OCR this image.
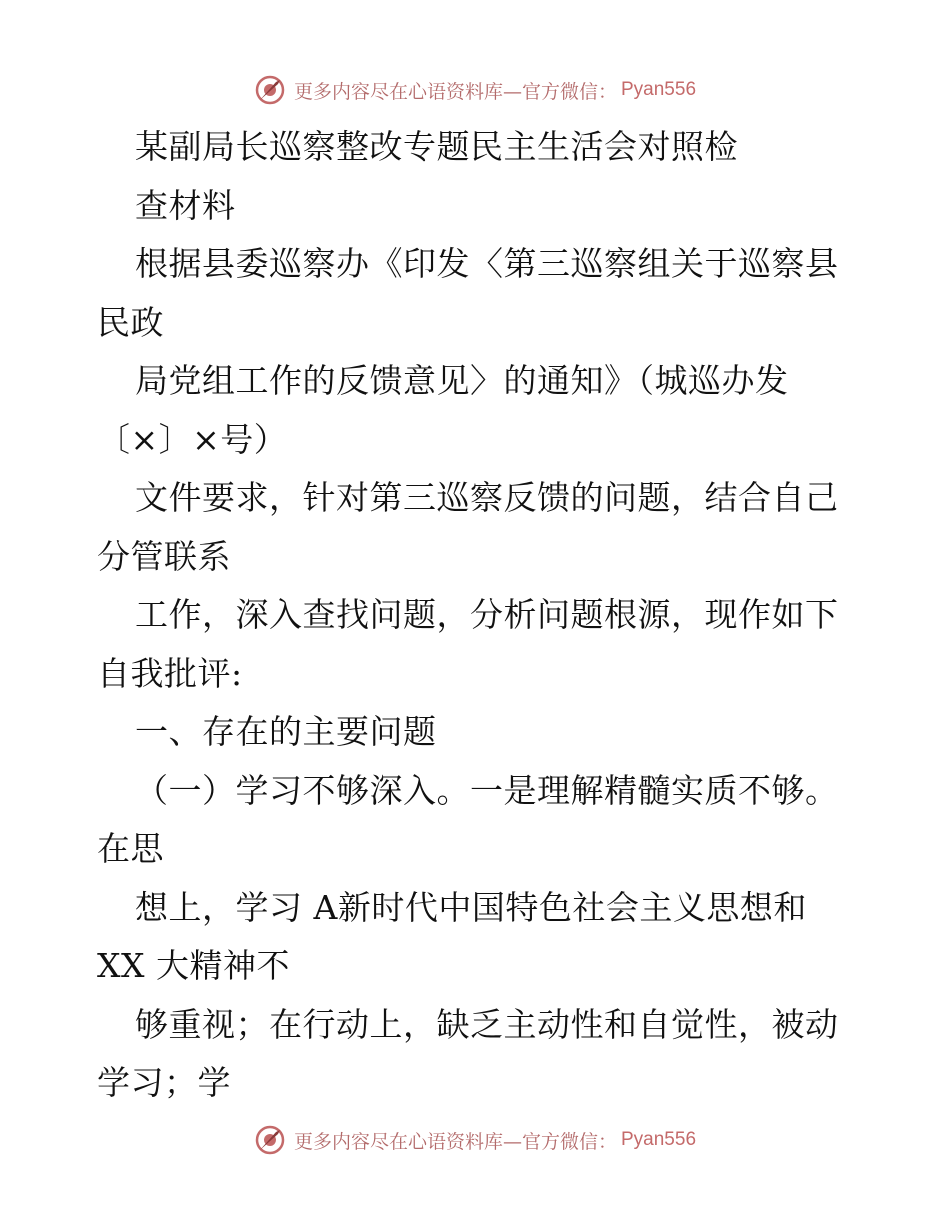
更多内容尽在心语资料库—官方微信： Pyan556
某副局长巡察整改专题民主生活会对照检
查材料
根据县委巡察办《印发〈第三巡察组关于巡察县
民政
局党组工作的反馈意见〉的通知》（城巡办发
〔×〕×号）
文件要求，针对第三巡察反馈的问题，结合自己
分管联系
工作，深入查找问题，分析问题根源，现作如下
自我批评:
一、存在的主要问题
（一）学习不够深入。一是理解精髓实质不够。
在思
想上，学习 A新时代中国特色社会主义思想和
XX 大精神不
够重视；在行动上，缺乏主动性和自觉性，被动
学习；学
更多内容尽在心语资料库—官方微信： Pyan556
